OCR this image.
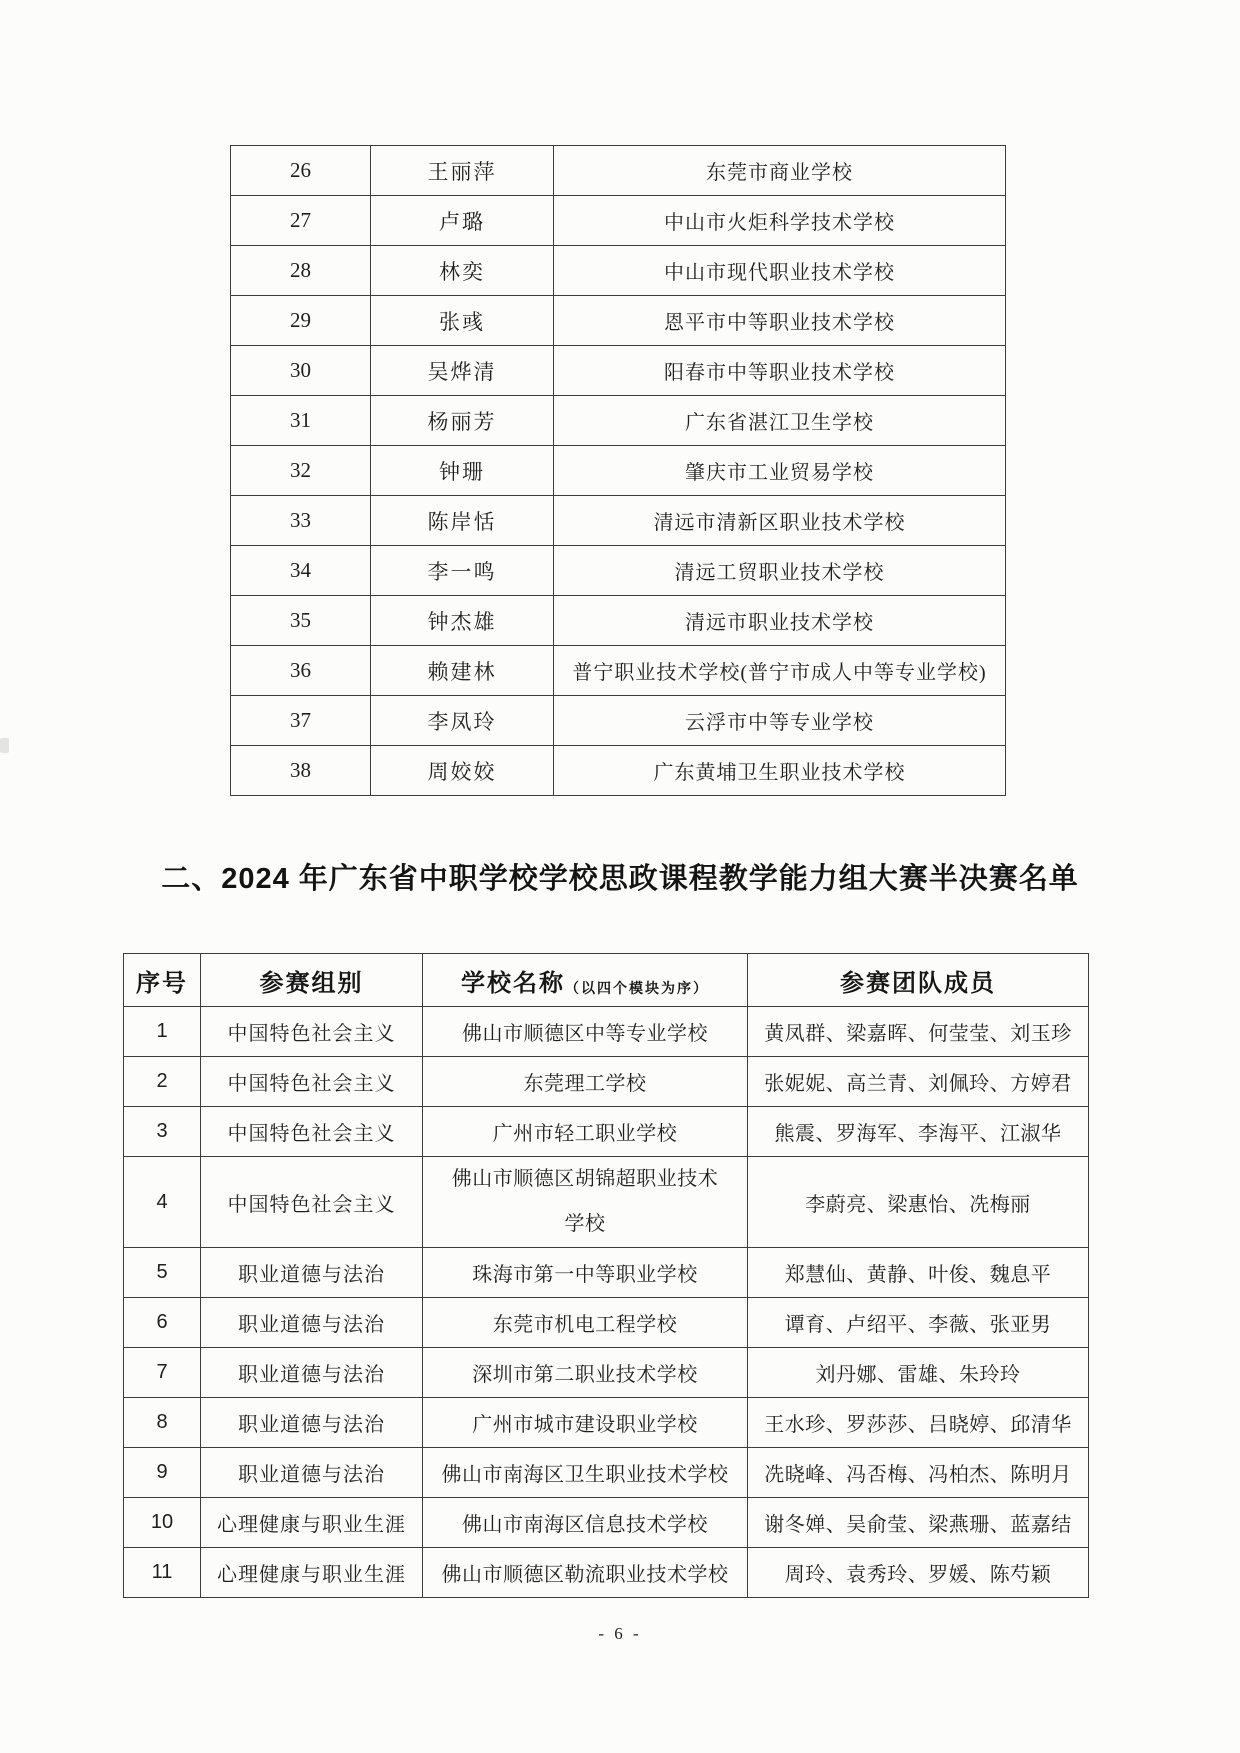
26	王丽萍	东莞市商业学校
27	卢璐	中山市火炬科学技术学校
28	林奕	中山市现代职业技术学校
29	张彧	恩平市中等职业技术学校
30	吴烨清	阳春市中等职业技术学校
31	杨丽芳	广东省湛江卫生学校
32	钟珊	肇庆市工业贸易学校
33	陈岸恬	清远市清新区职业技术学校
34	李一鸣	清远工贸职业技术学校
35	钟杰雄	清远市职业技术学校
36	赖建林	普宁职业技术学校(普宁市成人中等专业学校)
37	李凤玲	云浮市中等专业学校
38	周姣姣	广东黄埔卫生职业技术学校
二、2024 年广东省中职学校学校思政课程教学能力组大赛半决赛名单
序号	参赛组别	学校名称（以四个模块为序）	参赛团队成员
1	中国特色社会主义	佛山市顺德区中等专业学校	黄凤群、梁嘉晖、何莹莹、刘玉珍
2	中国特色社会主义	东莞理工学校	张妮妮、高兰青、刘佩玲、方婷君
3	中国特色社会主义	广州市轻工职业学校	熊震、罗海军、李海平、江淑华
4	中国特色社会主义	佛山市顺德区胡锦超职业技术学校	李蔚亮、梁惠怡、冼梅丽
5	职业道德与法治	珠海市第一中等职业学校	郑慧仙、黄静、叶俊、魏息平
6	职业道德与法治	东莞市机电工程学校	谭育、卢绍平、李薇、张亚男
7	职业道德与法治	深圳市第二职业技术学校	刘丹娜、雷雄、朱玲玲
8	职业道德与法治	广州市城市建设职业学校	王水珍、罗莎莎、吕晓婷、邱清华
9	职业道德与法治	佛山市南海区卫生职业技术学校	冼晓峰、冯否梅、冯柏杰、陈明月
10	心理健康与职业生涯	佛山市南海区信息技术学校	谢冬婵、吴俞莹、梁燕珊、蓝嘉结
11	心理健康与职业生涯	佛山市顺德区勒流职业技术学校	周玲、袁秀玲、罗媛、陈芍颖
- 6 -
